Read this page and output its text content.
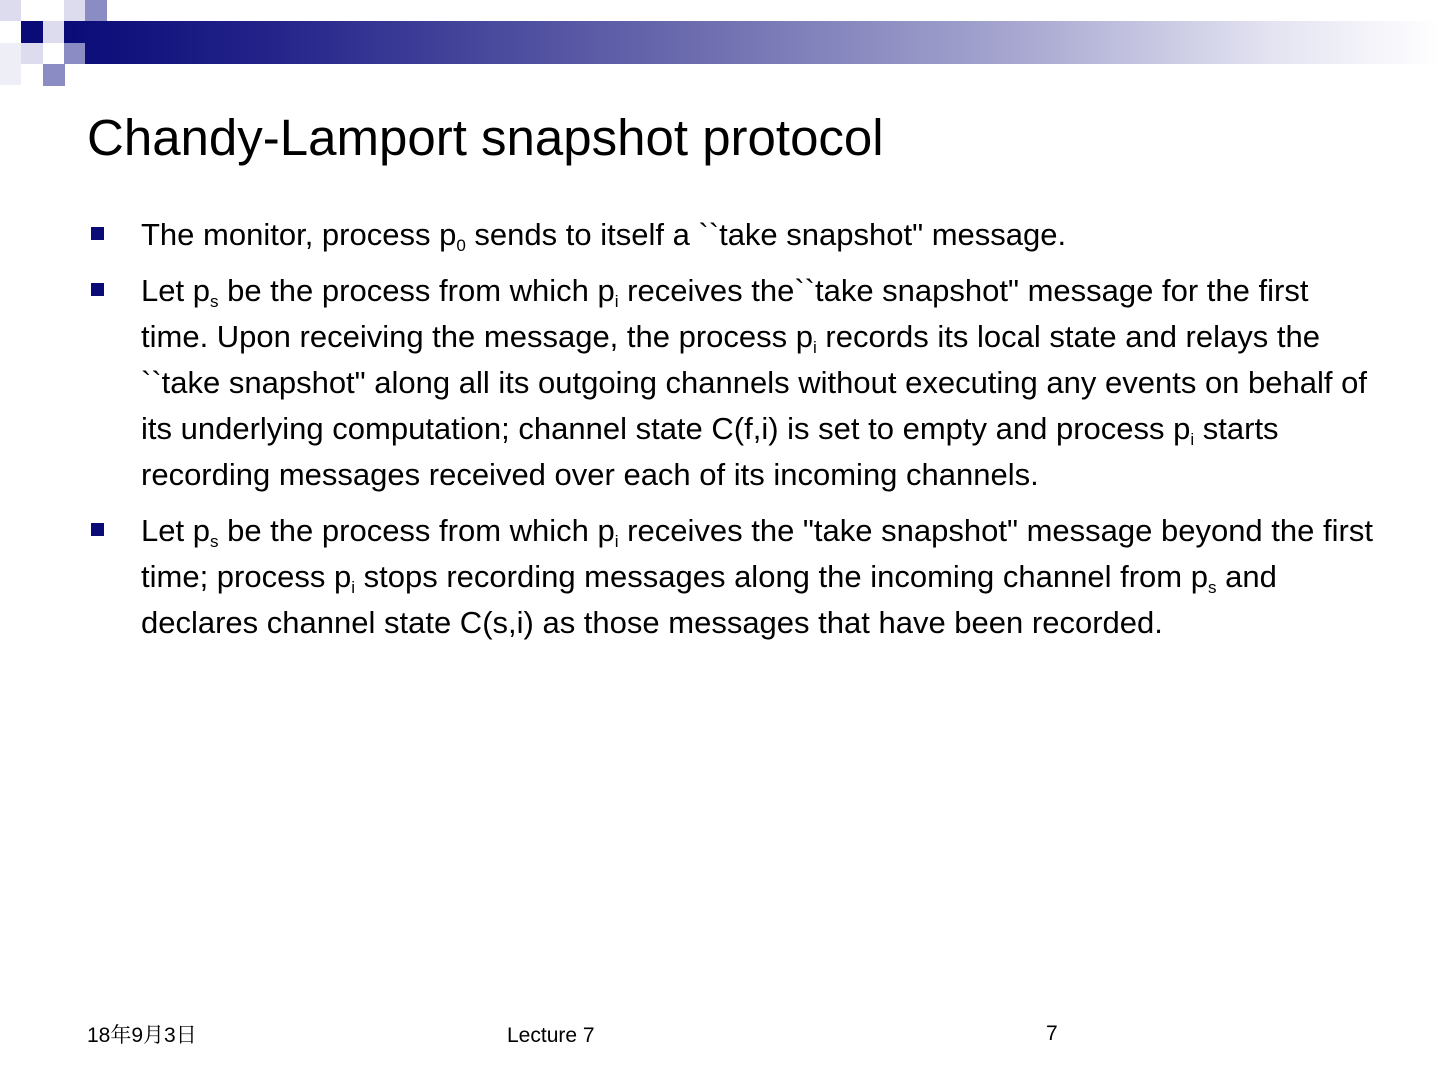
Chandy-Lamport snapshot protocol
The monitor, process $p_0$ sends to itself a ``take snapshot" message.
Let $p_s$ be the process from which $p_i$ receives the``take snapshot" message for the first time. Upon receiving the message, the process $p_i$ records its local state and relays the ``take snapshot" along all its outgoing channels without executing any events on behalf of its underlying computation; channel state C(f,i) is set to empty and process $p_i$ starts recording messages received over each of its incoming channels.
Let $p_s$ be the process from which $p_i$ receives the "take snapshot" message beyond the first time; process $p_i$ stops recording messages along the incoming channel from $p_s$ and declares channel state C(s,i) as those messages that have been recorded.
18年9月3日	Lecture 7	7
